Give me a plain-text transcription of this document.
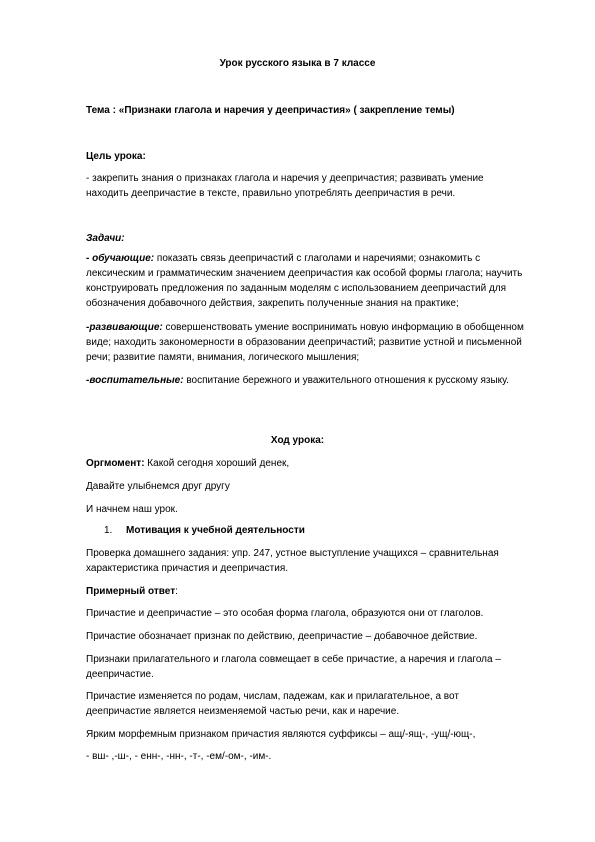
Урок русского языка в 7 классе
Тема : «Признаки глагола и наречия у деепричастия» ( закрепление темы)
Цель урока:
- закрепить знания о признаках глагола и наречия у деепричастия; развивать умение находить деепричастие в тексте, правильно употреблять деепричастия в речи.
Задачи:
- обучающие: показать связь деепричастий с глаголами и наречиями; ознакомить с лексическим и грамматическим значением деепричастия как особой формы глагола; научить конструировать предложения по заданным моделям с использованием деепричастий для обозначения добавочного действия, закрепить полученные знания на практике;
-развивающие: совершенствовать умение воспринимать новую информацию в обобщенном виде; находить закономерности в образовании деепричастий; развитие устной и письменной речи; развитие памяти, внимания, логического мышления;
-воспитательные: воспитание бережного и уважительного отношения к русскому языку.
Ход урока:
Оргмомент: Какой сегодня хороший денек,
Давайте улыбнемся друг другу
И начнем наш урок.
1. Мотивация к учебной деятельности
Проверка домашнего задания: упр. 247, устное выступление учащихся – сравнительная характеристика причастия и деепричастия.
Примерный ответ:
Причастие и деепричастие – это особая форма глагола, образуются они от глаголов.
Причастие обозначает признак по действию, деепричастие – добавочное действие.
Признаки прилагательного и глагола совмещает в себе причастие, а наречия и глагола – деепричастие.
Причастие изменяется по родам, числам, падежам, как и прилагательное, а вот деепричастие является неизменяемой частью речи, как и наречие.
Ярким морфемным признаком причастия являются суффиксы – ащ/-ящ-, -ущ/-ющ-,
- вш- ,-ш-, - енн-, -нн-, -т-, -ем/-ом-, -им-.
